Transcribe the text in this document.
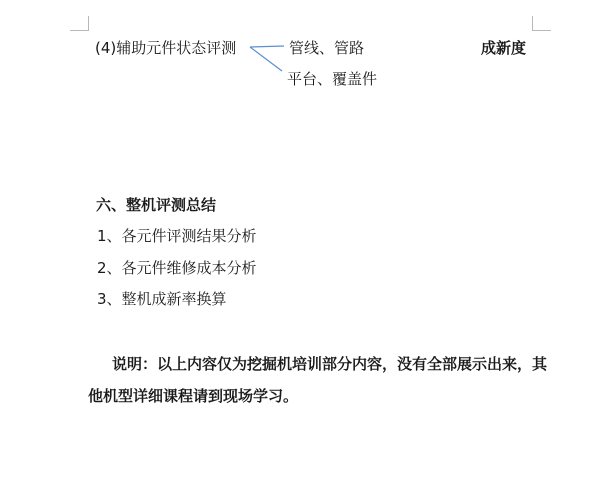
(4)辅助元件状态评测	管线、管路
平台、覆盖件
成新度
六、整机评测总结
1、各元件评测结果分析
2、各元件维修成本分析
3、整机成新率换算

说明：以上内容仅为挖掘机培训部分内容，没有全部展示出来，其他机型详细课程请到现场学习。
